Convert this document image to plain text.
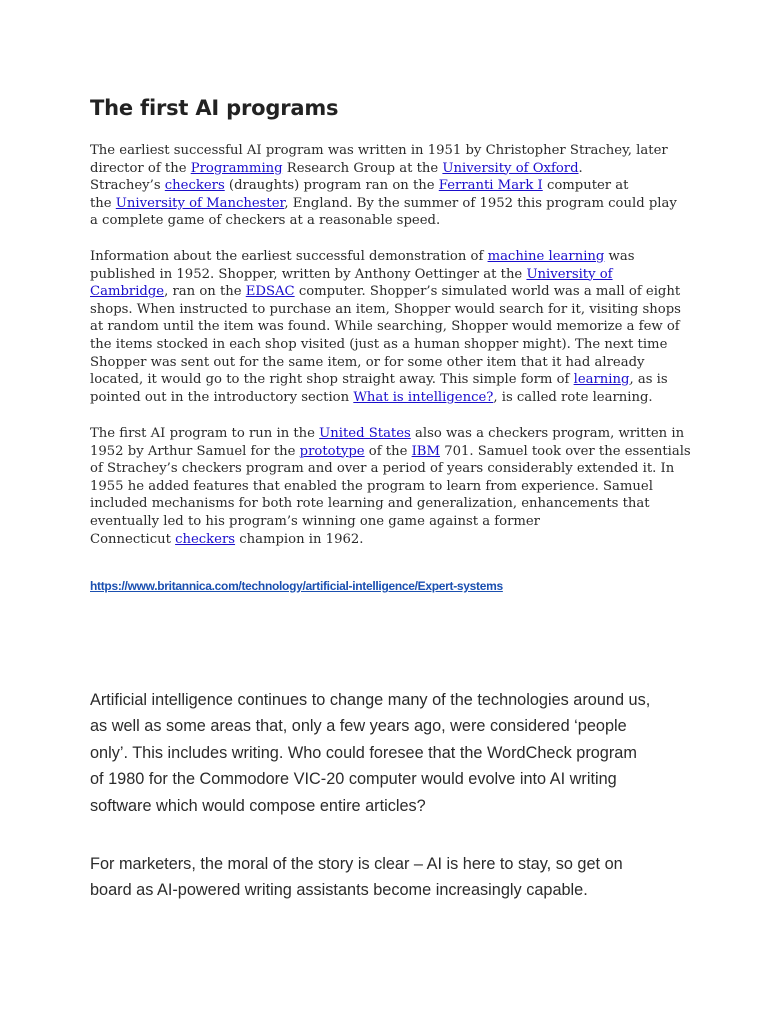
The first AI programs
The earliest successful AI program was written in 1951 by Christopher Strachey, later
director of the Programming Research Group at the University of Oxford.
Strachey’s checkers (draughts) program ran on the Ferranti Mark I computer at
the University of Manchester, England. By the summer of 1952 this program could play
a complete game of checkers at a reasonable speed.
Information about the earliest successful demonstration of machine learning was
published in 1952. Shopper, written by Anthony Oettinger at the University of
Cambridge, ran on the EDSAC computer. Shopper’s simulated world was a mall of eight
shops. When instructed to purchase an item, Shopper would search for it, visiting shops
at random until the item was found. While searching, Shopper would memorize a few of
the items stocked in each shop visited (just as a human shopper might). The next time
Shopper was sent out for the same item, or for some other item that it had already
located, it would go to the right shop straight away. This simple form of learning, as is
pointed out in the introductory section What is intelligence?, is called rote learning.
The first AI program to run in the United States also was a checkers program, written in
1952 by Arthur Samuel for the prototype of the IBM 701. Samuel took over the essentials
of Strachey’s checkers program and over a period of years considerably extended it. In
1955 he added features that enabled the program to learn from experience. Samuel
included mechanisms for both rote learning and generalization, enhancements that
eventually led to his program’s winning one game against a former
Connecticut checkers champion in 1962.
https://www.britannica.com/technology/artificial-intelligence/Expert-systems
Artificial intelligence continues to change many of the technologies around us,
as well as some areas that, only a few years ago, were considered ‘people
only’. This includes writing. Who could foresee that the WordCheck program
of 1980 for the Commodore VIC-20 computer would evolve into AI writing
software which would compose entire articles?
For marketers, the moral of the story is clear – AI is here to stay, so get on
board as AI-powered writing assistants become increasingly capable.
